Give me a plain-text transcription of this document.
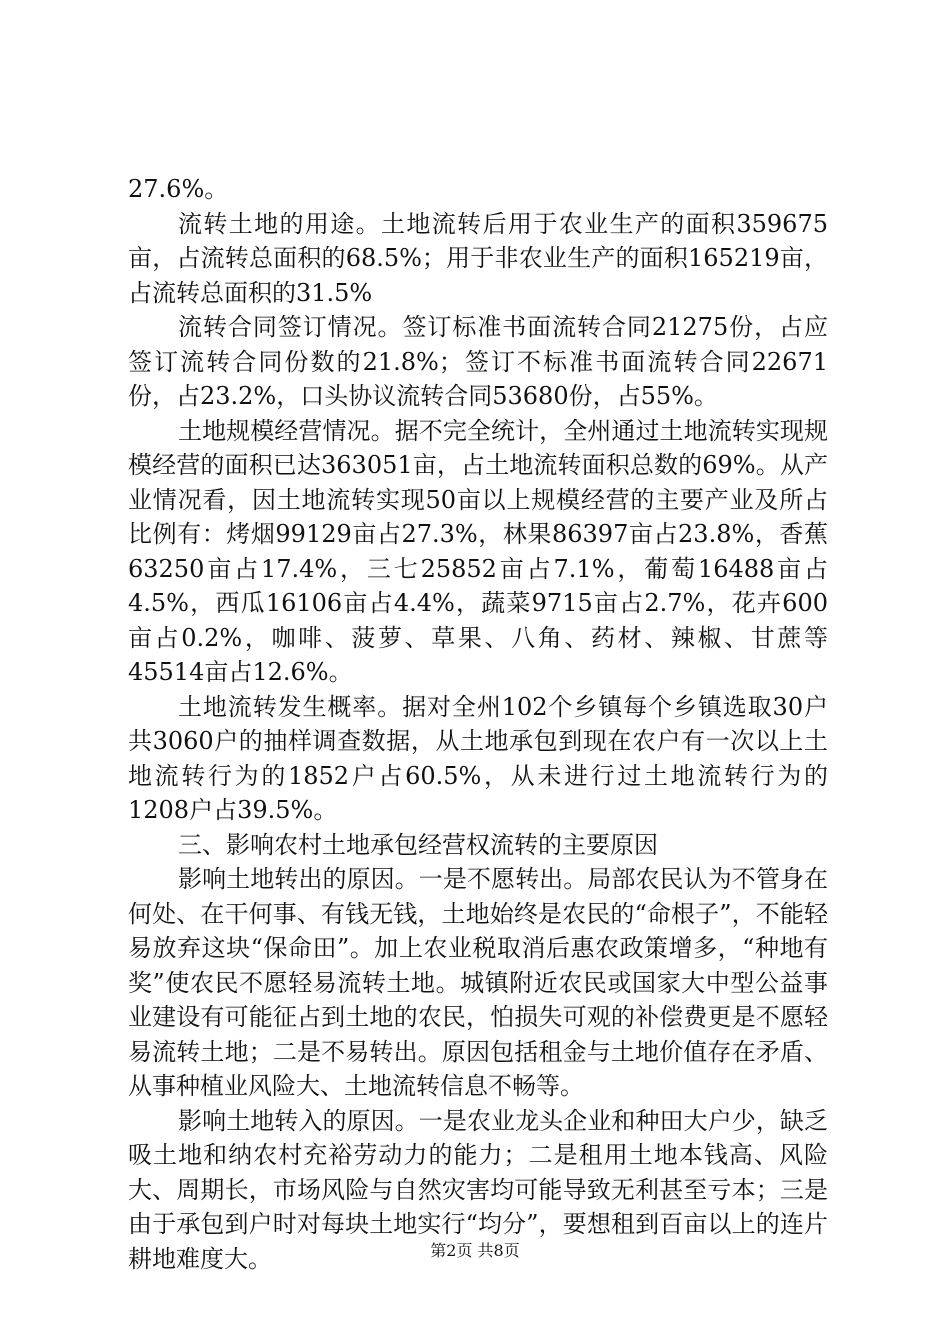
27.6%。

流转土地的用途。土地流转后用于农业生产的面积359675亩，占流转总面积的68.5%；用于非农业生产的面积165219亩，占流转总面积的31.5%

流转合同签订情况。签订标准书面流转合同21275份，占应签订流转合同份数的21.8%；签订不标准书面流转合同22671份，占23.2%，口头协议流转合同53680份，占55%。

土地规模经营情况。据不完全统计，全州通过土地流转实现规模经营的面积已达363051亩，占土地流转面积总数的69%。从产业情况看，因土地流转实现50亩以上规模经营的主要产业及所占比例有：烤烟99129亩占27.3%，林果86397亩占23.8%，香蕉63250亩占17.4%，三七25852亩占7.1%，葡萄16488亩占4.5%，西瓜16106亩占4.4%，蔬菜9715亩占2.7%，花卉600亩占0.2%，咖啡、菠萝、草果、八角、药材、辣椒、甘蔗等45514亩占12.6%。

土地流转发生概率。据对全州102个乡镇每个乡镇选取30户共3060户的抽样调查数据，从土地承包到现在农户有一次以上土地流转行为的1852户占60.5%，从未进行过土地流转行为的1208户占39.5%。

三、影响农村土地承包经营权流转的主要原因

影响土地转出的原因。一是不愿转出。局部农民认为不管身在何处、在干何事、有钱无钱，土地始终是农民的“命根子”，不能轻易放弃这块“保命田”。加上农业税取消后惠农政策增多，“种地有奖”使农民不愿轻易流转土地。城镇附近农民或国家大中型公益事业建设有可能征占到土地的农民，怕损失可观的补偿费更是不愿轻易流转土地；二是不易转出。原因包括租金与土地价值存在矛盾、从事种植业风险大、土地流转信息不畅等。

影响土地转入的原因。一是农业龙头企业和种田大户少，缺乏吸土地和纳农村充裕劳动力的能力；二是租用土地本钱高、风险大、周期长，市场风险与自然灾害均可能导致无利甚至亏本；三是由于承包到户时对每块土地实行“均分”，要想租到百亩以上的连片耕地难度大。	第2页 共8页
